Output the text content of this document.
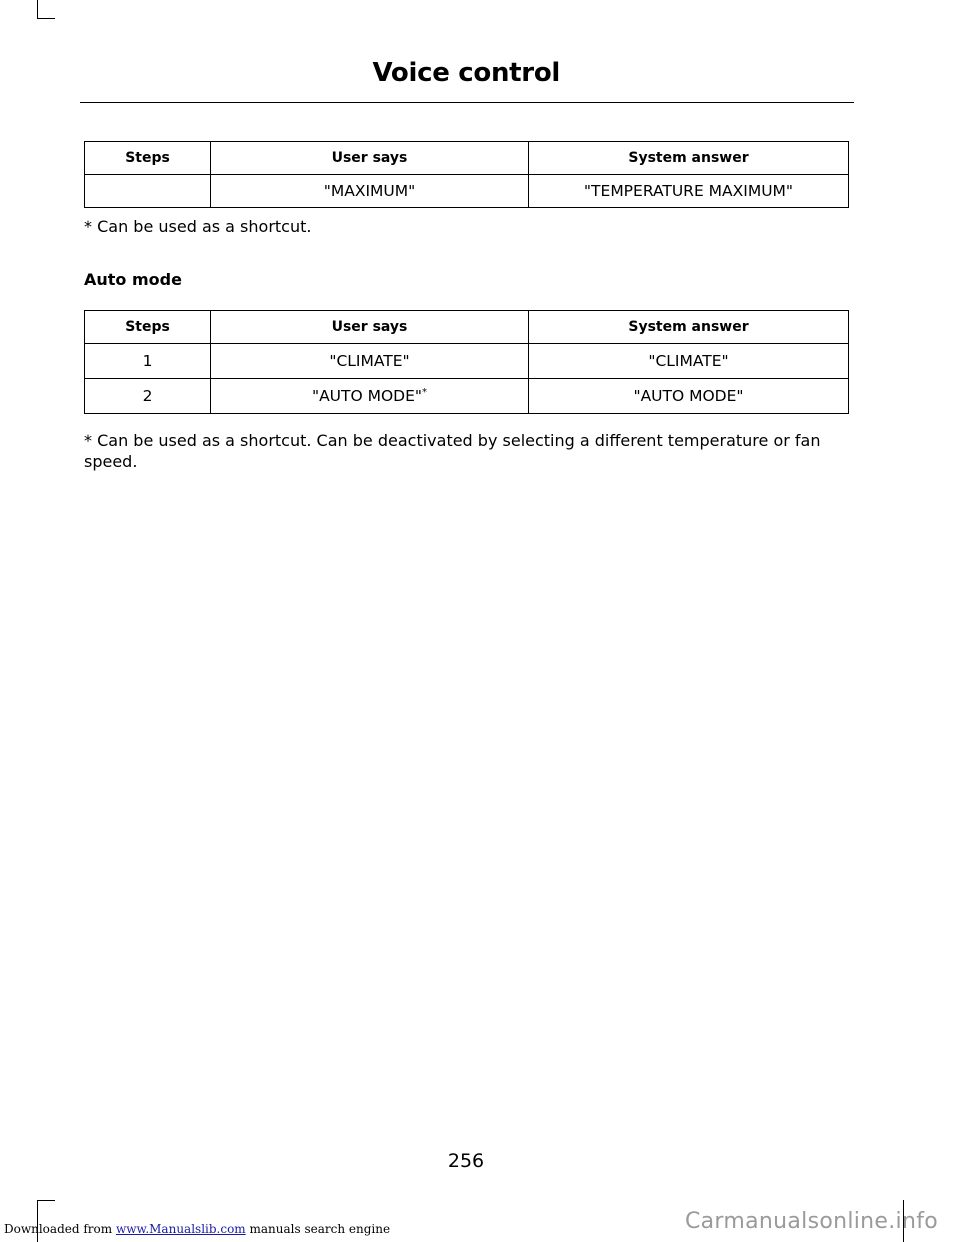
Voice control
Steps	User says	System answer
	"MAXIMUM"	"TEMPERATURE MAXIMUM"
* Can be used as a shortcut.
Auto mode
Steps	User says	System answer
1	"CLIMATE"	"CLIMATE"
2	"AUTO MODE"*	"AUTO MODE"
* Can be used as a shortcut. Can be deactivated by selecting a different temperature or fan speed.
256
Downloaded from www.Manualslib.com manuals search engine	Carmanualsonline.info
